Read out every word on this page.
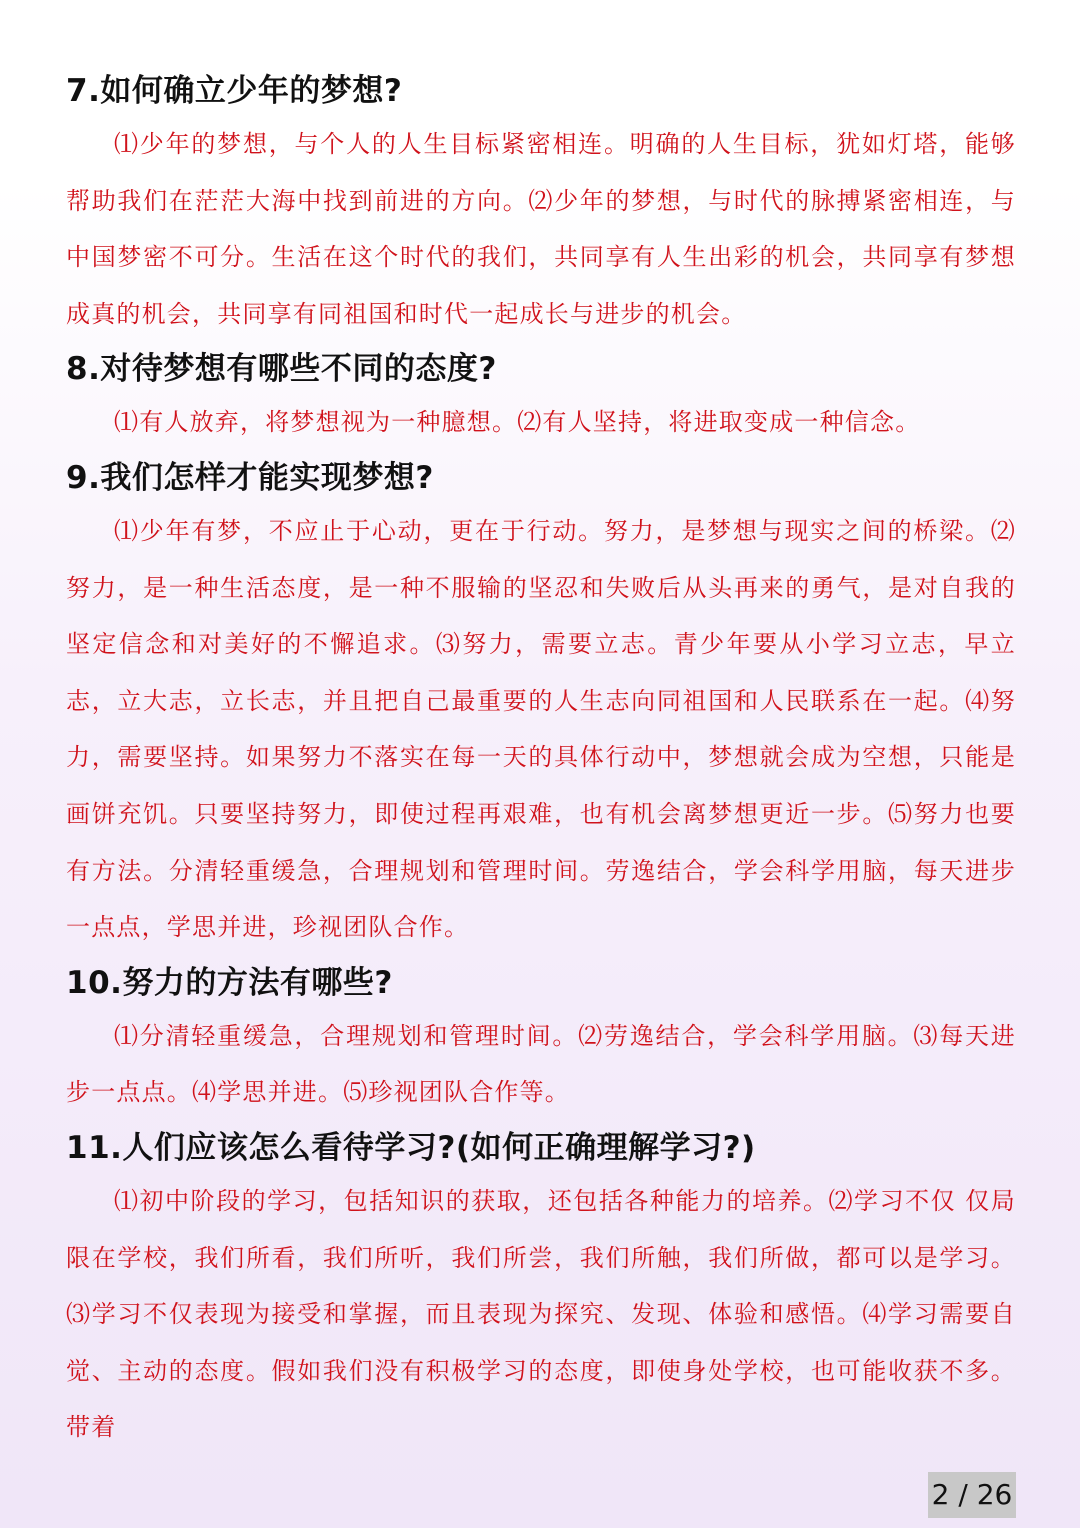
7.如何确立少年的梦想?

⑴少年的梦想，与个人的人生目标紧密相连。明确的人生目标，犹如灯塔，能够帮助我们在茫茫大海中找到前进的方向。⑵少年的梦想，与时代的脉搏紧密相连，与中国梦密不可分。生活在这个时代的我们，共同享有人生出彩的机会，共同享有梦想成真的机会，共同享有同祖国和时代一起成长与进步的机会。

8.对待梦想有哪些不同的态度?

⑴有人放弃，将梦想视为一种臆想。⑵有人坚持，将进取变成一种信念。

9.我们怎样才能实现梦想?

⑴少年有梦，不应止于心动，更在于行动。努力，是梦想与现实之间的桥梁。⑵努力，是一种生活态度，是一种不服输的坚忍和失败后从头再来的勇气，是对自我的坚定信念和对美好的不懈追求。⑶努力，需要立志。青少年要从小学习立志，早立志，立大志，立长志，并且把自己最重要的人生志向同祖国和人民联系在一起。⑷努力，需要坚持。如果努力不落实在每一天的具体行动中，梦想就会成为空想，只能是画饼充饥。只要坚持努力，即使过程再艰难，也有机会离梦想更近一步。⑸努力也要有方法。分清轻重缓急，合理规划和管理时间。劳逸结合，学会科学用脑，每天进步一点点，学思并进，珍视团队合作。

10.努力的方法有哪些?

⑴分清轻重缓急，合理规划和管理时间。⑵劳逸结合，学会科学用脑。⑶每天进步一点点。⑷学思并进。⑸珍视团队合作等。

11.人们应该怎么看待学习?(如何正确理解学习?)

⑴初中阶段的学习，包括知识的获取，还包括各种能力的培养。⑵学习不仅 仅局限在学校，我们所看，我们所听，我们所尝，我们所触，我们所做，都可以是学习。⑶学习不仅表现为接受和掌握，而且表现为探究、发现、体验和感悟。⑷学习需要自觉、主动的态度。假如我们没有积极学习的态度，即使身处学校，也可能收获不多。带着

2 / 26
